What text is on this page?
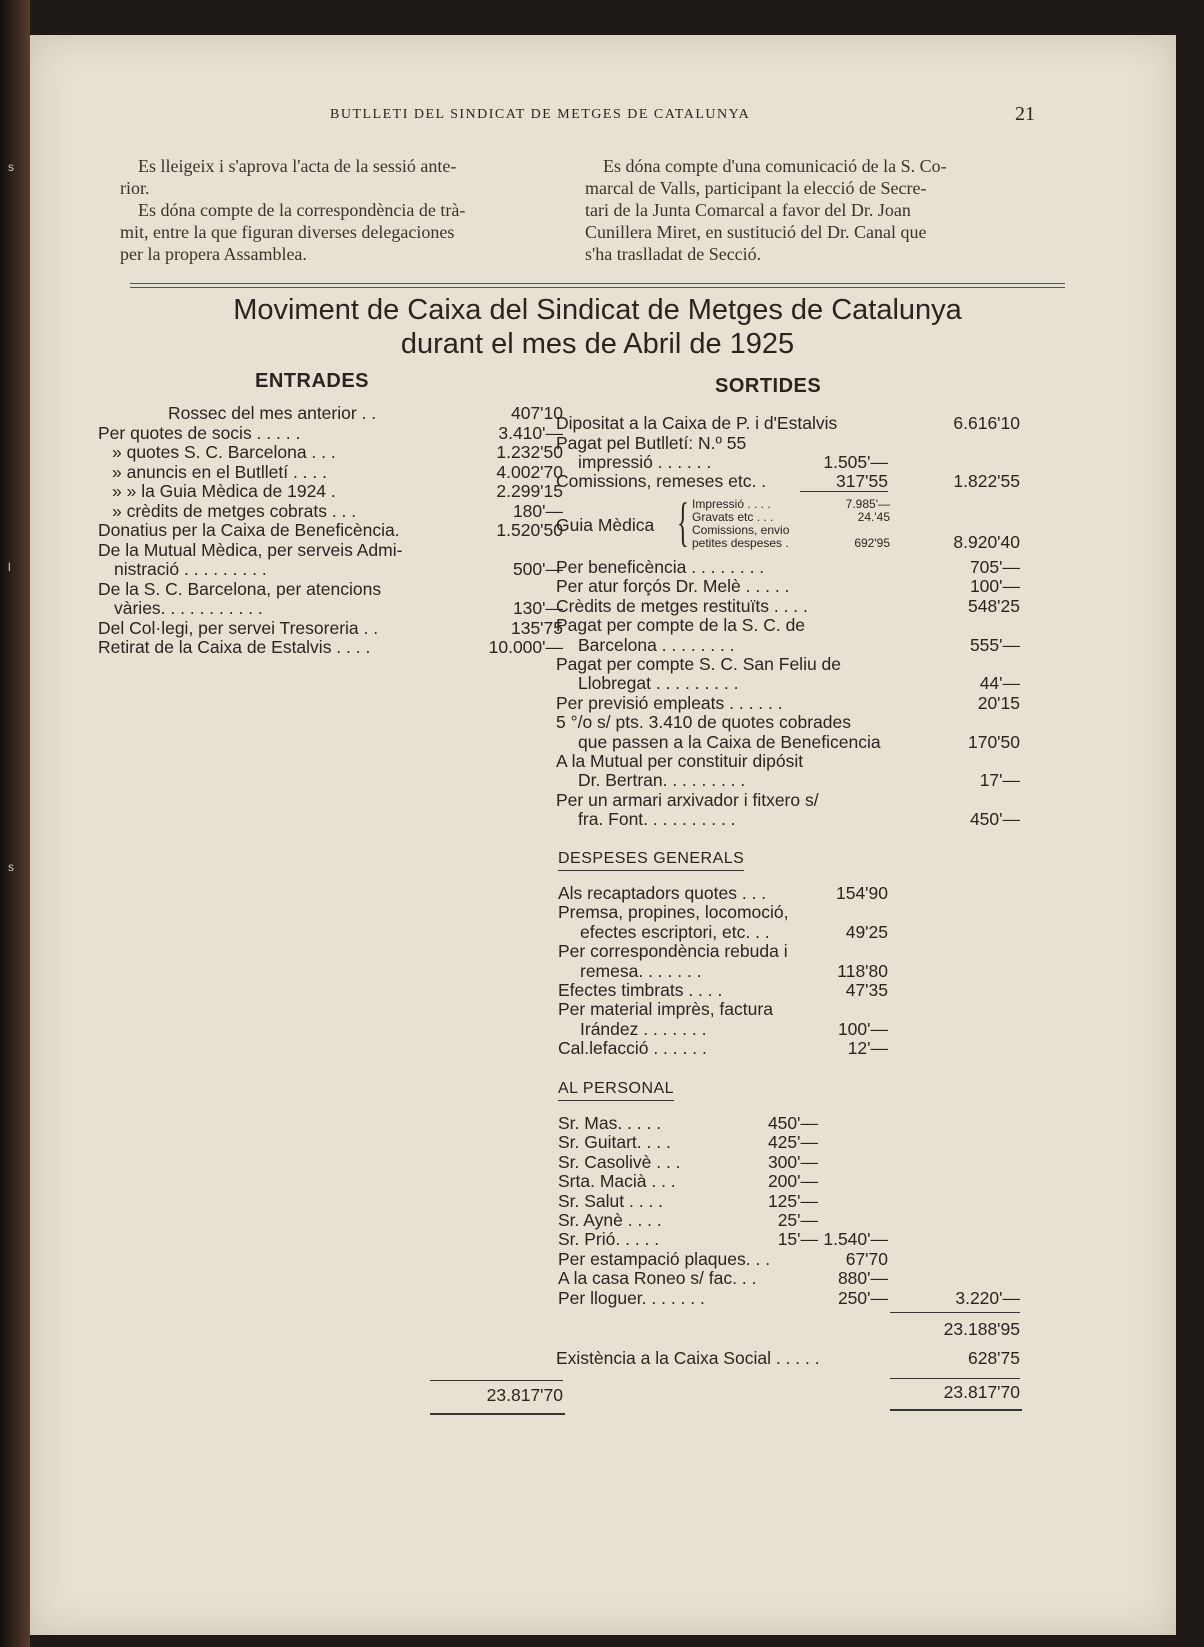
s
l
s
BUTLLETI DEL SINDICAT DE METGES DE CATALUNYA	21
Es lleigeix i s'aprova l'acta de la sessió ante-
rior.
Es dóna compte de la correspondència de trà-
mit, entre la que figuran diverses delegaciones
per la propera Assamblea.
Es dóna compte d'una comunicació de la S. Co-
marcal de Valls, participant la elecció de Secre-
tari de la Junta Comarcal a favor del Dr. Joan
Cunillera Miret, en sustitució del Dr. Canal que
s'ha traslladat de Secció.
Moviment de Caixa del Sindicat de Metges de Catalunya
durant el mes de Abril de 1925
ENTRADES
Rossec del mes anterior . .	407'10
Per quotes de socis . . . . .	3.410'—
» quotes S. C. Barcelona . . .	1.232'50
» anuncis en el Butlletí . . . .	4.002'70
» » la Guia Mèdica de 1924 .	2.299'15
» crèdits de metges cobrats . . .	180'—
Donatius per la Caixa de Beneficència.	1.520'50
De la Mutual Mèdica, per serveis Admi-
nistració . . . . . . . . .	500'—
De la S. C. Barcelona, per atencions
vàries. . . . . . . . . . .	130'—
Del Col·legi, per servei Tresoreria . .	135'75
Retirat de la Caixa de Estalvis . . . .	10.000'—
23.817'70
SORTIDES
Dipositat a la Caixa de P. i d'Estalvis	6.616'10
Pagat pel Butlletí: N.º 55
impressió . . . . . .	1.505'—
Comissions, remeses etc. .	317'55	1.822'55
Guia Mèdica { Impressió . . . .	7.985'—
Gravats etc . . .	24.'45
Comissions, envio
petites despeses .	692'95	8.920'40
Per beneficència . . . . . . . .	705'—
Per atur forçós Dr. Melè . . . . .	100'—
Crèdits de metges restituïts . . . .	548'25
Pagat per compte de la S. C. de
Barcelona . . . . . . . .	555'—
Pagat per compte S. C. San Feliu de
Llobregat . . . . . . . . .	44'—
Per previsió empleats . . . . . .	20'15
5 °/o s/ pts. 3.410 de quotes cobrades
que passen a la Caixa de Beneficencia	170'50
A la Mutual per constituir dipósit
Dr. Bertran. . . . . . . . .	17'—
Per un armari arxivador i fitxero s/
fra. Font. . . . . . . . . .	450'—
DESPESES GENERALS
Als recaptadors quotes . . .	154'90
Premsa, propines, locomoció,
efectes escriptori, etc. . .	49'25
Per correspondència rebuda i
remesa. . . . . . .	118'80
Efectes timbrats . . . .	47'35
Per material imprès, factura
Irández . . . . . . .	100'—
Cal.lefacció . . . . . .	12'—
AL PERSONAL
Sr. Mas. . . . .	450'—
Sr. Guitart. . . .	425'—
Sr. Casolivè . . .	300'—
Srta. Macià . . .	200'—
Sr. Salut . . . .	125'—
Sr. Aynè . . . .	25'—
Sr. Prió. . . . .	15'— 1.540'—
Per estampació plaques. . .	67'70
A la casa Roneo s/ fac. . .	880'—
Per lloguer. . . . . . .	250'—	3.220'—
23.188'95
Existència a la Caixa Social . . . . .	628'75
23.817'70
